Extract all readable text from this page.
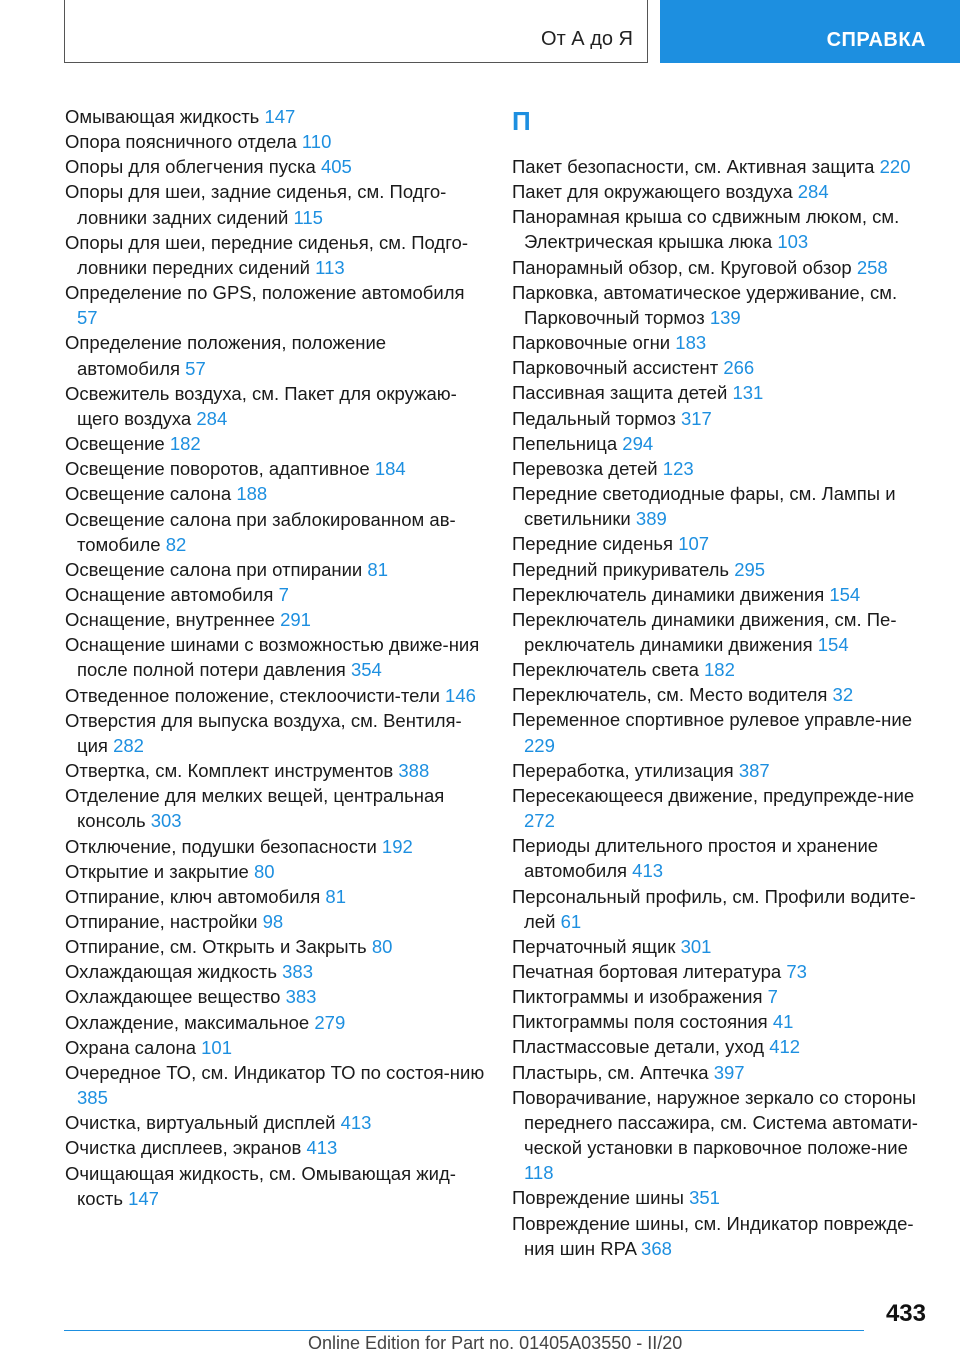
От А до Я	СПРАВКА
Омывающая жидкость 147
Опора поясничного отдела 110
Опоры для облегчения пуска 405
Опоры для шеи, задние сиденья, см. Подго-ловники задних сидений 115
Опоры для шеи, передние сиденья, см. Подго-ловники передних сидений 113
Определение по GPS, положение автомобиля 57
Определение положения, положение автомобиля 57
Освежитель воздуха, см. Пакет для окружаю-щего воздуха 284
Освещение 182
Освещение поворотов, адаптивное 184
Освещение салона 188
Освещение салона при заблокированном ав-томобиле 82
Освещение салона при отпирании 81
Оснащение автомобиля 7
Оснащение, внутреннее 291
Оснащение шинами с возможностью движе-ния после полной потери давления 354
Отведенное положение, стеклоочисти-тели 146
Отверстия для выпуска воздуха, см. Вентиля-ция 282
Отвертка, см. Комплект инструментов 388
Отделение для мелких вещей, центральная консоль 303
Отключение, подушки безопасности 192
Открытие и закрытие 80
Отпирание, ключ автомобиля 81
Отпирание, настройки 98
Отпирание, см. Открыть и Закрыть 80
Охлаждающая жидкость 383
Охлаждающее вещество 383
Охлаждение, максимальное 279
Охрана салона 101
Очередное ТО, см. Индикатор ТО по состоя-нию 385
Очистка, виртуальный дисплей 413
Очистка дисплеев, экранов 413
Очищающая жидкость, см. Омывающая жид-кость 147
П
Пакет безопасности, см. Активная защита 220
Пакет для окружающего воздуха 284
Панорамная крыша со сдвижным люком, см. Электрическая крышка люка 103
Панорамный обзор, см. Круговой обзор 258
Парковка, автоматическое удерживание, см. Парковочный тормоз 139
Парковочные огни 183
Парковочный ассистент 266
Пассивная защита детей 131
Педальный тормоз 317
Пепельница 294
Перевозка детей 123
Передние светодиодные фары, см. Лампы и светильники 389
Передние сиденья 107
Передний прикуриватель 295
Переключатель динамики движения 154
Переключатель динамики движения, см. Пе-реключатель динамики движения 154
Переключатель света 182
Переключатель, см. Место водителя 32
Переменное спортивное рулевое управле-ние 229
Переработка, утилизация 387
Пересекающееся движение, предупрежде-ние 272
Периоды длительного простоя и хранение автомобиля 413
Персональный профиль, см. Профили водите-лей 61
Перчаточный ящик 301
Печатная бортовая литература 73
Пиктограммы и изображения 7
Пиктограммы поля состояния 41
Пластмассовые детали, уход 412
Пластырь, см. Аптечка 397
Поворачивание, наружное зеркало со стороны переднего пассажира, см. Система автомати-ческой установки в парковочное положе-ние 118
Повреждение шины 351
Повреждение шины, см. Индикатор поврежде-ния шин RPA 368
433
Online Edition for Part no. 01405A03550 - II/20
